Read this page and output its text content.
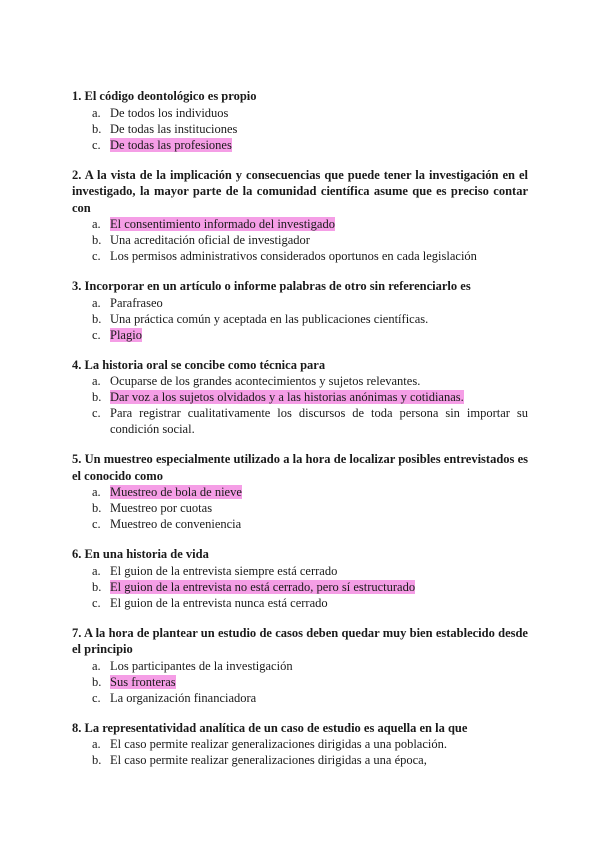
1. El código deontológico es propio

a. De todos los individuos
b. De todas las instituciones
c. De todas las profesiones

2. A la vista de la implicación y consecuencias que puede tener la investigación en el investigado, la mayor parte de la comunidad científica asume que es preciso contar con

a. El consentimiento informado del investigado
b. Una acreditación oficial de investigador
c. Los permisos administrativos considerados oportunos en cada legislación

3. Incorporar en un artículo o informe palabras de otro sin referenciarlo es

a. Parafraseo
b. Una práctica común y aceptada en las publicaciones científicas.
c. Plagio

4. La historia oral se concibe como técnica para

a. Ocuparse de los grandes acontecimientos y sujetos relevantes.
b. Dar voz a los sujetos olvidados y a las historias anónimas y cotidianas.
c. Para registrar cualitativamente los discursos de toda persona sin importar su condición social.

5. Un muestreo especialmente utilizado a la hora de localizar posibles entrevistados es el conocido como

a. Muestreo de bola de nieve
b. Muestreo por cuotas
c. Muestreo de conveniencia

6. En una historia de vida

a. El guion de la entrevista siempre está cerrado
b. El guion de la entrevista no está cerrado, pero sí estructurado
c. El guion de la entrevista nunca está cerrado

7. A la hora de plantear un estudio de casos deben quedar muy bien establecido desde el principio

a. Los participantes de la investigación
b. Sus fronteras
c. La organización financiadora

8. La representatividad analítica de un caso de estudio es aquella en la que

a. El caso permite realizar generalizaciones dirigidas a una población.
b. El caso permite realizar generalizaciones dirigidas a una época,
